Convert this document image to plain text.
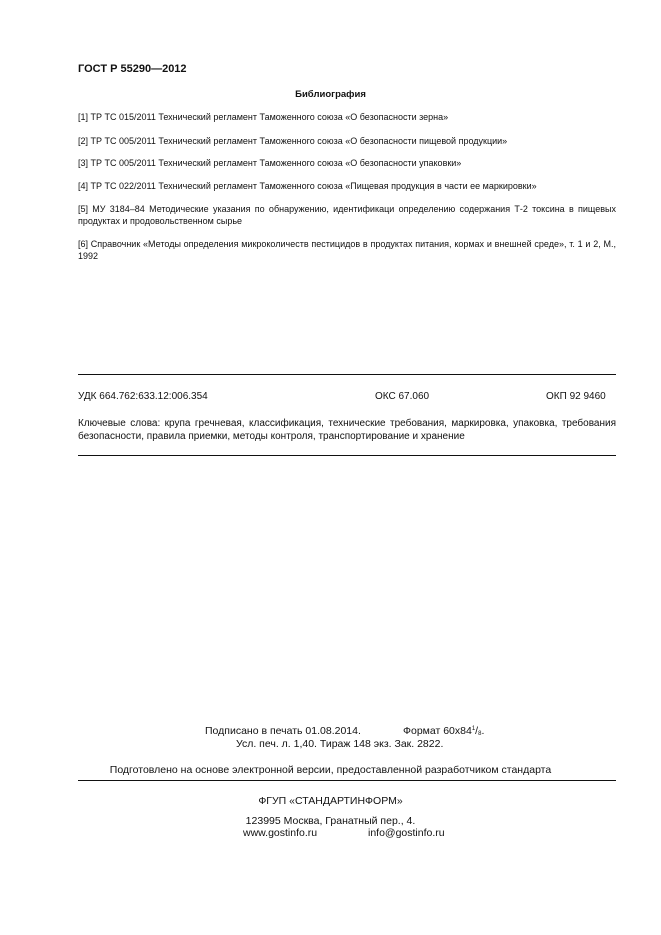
ГОСТ Р 55290—2012
Библиография
[1] ТР ТС 015/2011 Технический регламент Таможенного союза «О безопасности зерна»
[2] ТР ТС 005/2011 Технический регламент Таможенного союза «О безопасности пищевой продукции»
[3] ТР ТС 005/2011 Технический регламент Таможенного союза «О безопасности упаковки»
[4] ТР ТС 022/2011 Технический регламент Таможенного союза «Пищевая продукция в части ее маркировки»
[5] МУ 3184–84 Методические указания по обнаружению, идентификаци определению содержания Т-2 токсина в пищевых продуктах и продовольственном сырье
[6] Справочник «Методы определения микроколичеств пестицидов в продуктах питания, кормах и внешней среде», т. 1 и 2, М., 1992
УДК 664.762:633.12:006.354	ОКС 67.060	ОКП 92 9460
Ключевые слова: крупа гречневая, классификация, технические требования, маркировка, упаковка, требования безопасности, правила приемки, методы контроля, транспортирование и хранение
Подписано в печать 01.08.2014.	Формат $60х84^1/_8$.
Усл. печ. л. 1,40. Тираж 148 экз. Зак. 2822.
Подготовлено на основе электронной версии, предоставленной разработчиком стандарта
ФГУП «СТАНДАРТИНФОРМ»
123995 Москва, Гранатный пер., 4.
www.gostinfo.ru	info@gostinfo.ru
